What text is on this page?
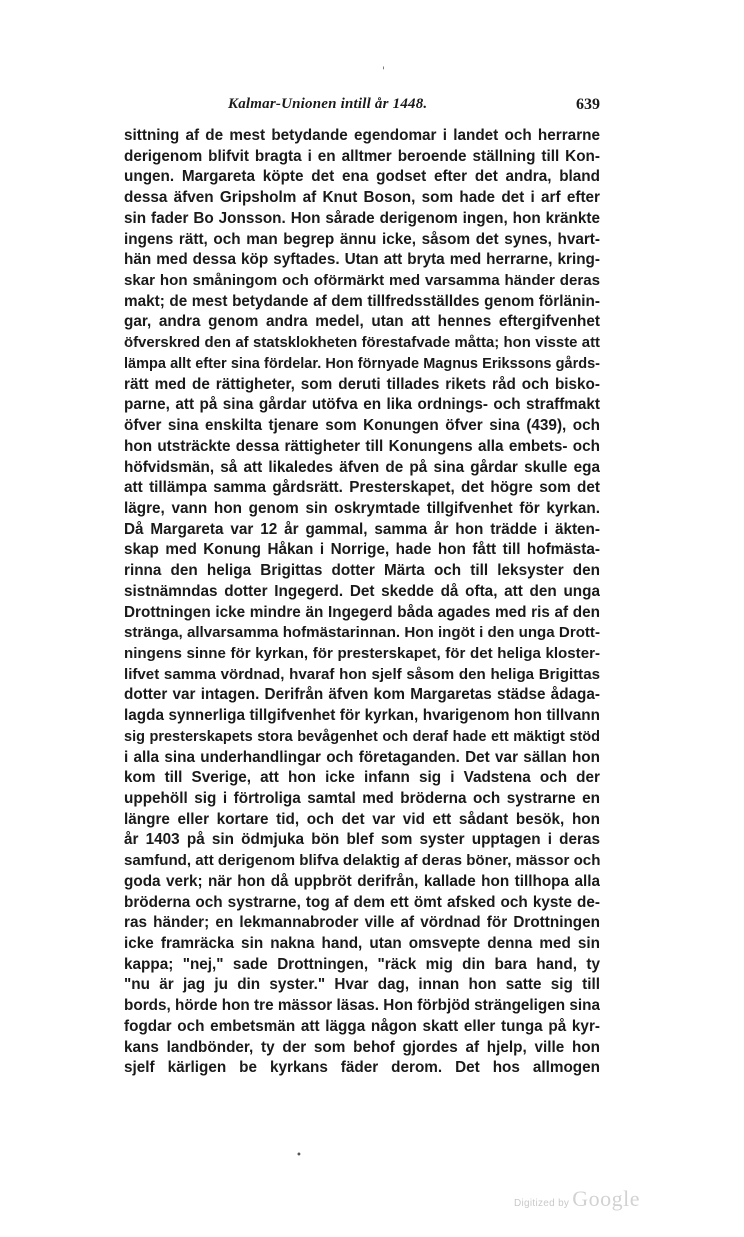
'
Kalmar-Unionen intill år 1448.	639
sittning af de mest betydande egendomar i landet och herrarne
derigenom blifvit bragta i en alltmer beroende ställning till Kon-
ungen. Margareta köpte det ena godset efter det andra, bland
dessa äfven Gripsholm af Knut Boson, som hade det i arf efter
sin fader Bo Jonsson. Hon sårade derigenom ingen, hon kränkte
ingens rätt, och man begrep ännu icke, såsom det synes, hvart-
hän med dessa köp syftades. Utan att bryta med herrarne, kring-
skar hon småningom och oförmärkt med varsamma händer deras
makt; de mest betydande af dem tillfredsställdes genom förlänin-
gar, andra genom andra medel, utan att hennes eftergifvenhet
öfverskred den af statsklokheten förestafvade måtta; hon visste att
lämpa allt efter sina fördelar. Hon förnyade Magnus Erikssons gårds-
rätt med de rättigheter, som deruti tillades rikets råd och bisko-
parne, att på sina gårdar utöfva en lika ordnings- och straffmakt
öfver sina enskilta tjenare som Konungen öfver sina (439), och
hon utsträckte dessa rättigheter till Konungens alla embets- och
höfvidsmän, så att likaledes äfven de på sina gårdar skulle ega
att tillämpa samma gårdsrätt. Presterskapet, det högre som det
lägre, vann hon genom sin oskrymtade tillgifvenhet för kyrkan.
Då Margareta var 12 år gammal, samma år hon trädde i äkten-
skap med Konung Håkan i Norrige, hade hon fått till hofmästa-
rinna den heliga Brigittas dotter Märta och till leksyster den
sistnämndas dotter Ingegerd. Det skedde då ofta, att den unga
Drottningen icke mindre än Ingegerd båda agades med ris af den
stränga, allvarsamma hofmästarinnan. Hon ingöt i den unga Drott-
ningens sinne för kyrkan, för presterskapet, för det heliga kloster-
lifvet samma vördnad, hvaraf hon sjelf såsom den heliga Brigittas
dotter var intagen. Derifrån äfven kom Margaretas städse ådaga-
lagda synnerliga tillgifvenhet för kyrkan, hvarigenom hon tillvann
sig presterskapets stora bevågenhet och deraf hade ett mäktigt stöd
i alla sina underhandlingar och företaganden. Det var sällan hon
kom till Sverige, att hon icke infann sig i Vadstena och der
uppehöll sig i förtroliga samtal med bröderna och systrarne en
längre eller kortare tid, och det var vid ett sådant besök, hon
år 1403 på sin ödmjuka bön blef som syster upptagen i deras
samfund, att derigenom blifva delaktig af deras böner, mässor och
goda verk; när hon då uppbröt derifrån, kallade hon tillhopa alla
bröderna och systrarne, tog af dem ett ömt afsked och kyste de-
ras händer; en lekmannabroder ville af vördnad för Drottningen
icke framräcka sin nakna hand, utan omsvepte denna med sin
kappa; "nej," sade Drottningen, "räck mig din bara hand, ty
"nu är jag ju din syster." Hvar dag, innan hon satte sig till
bords, hörde hon tre mässor läsas. Hon förbjöd strängeligen sina
fogdar och embetsmän att lägga någon skatt eller tunga på kyr-
kans landbönder, ty der som behof gjordes af hjelp, ville hon
sjelf kärligen be kyrkans fäder derom. Det hos allmogen
•
Digitized by Google
